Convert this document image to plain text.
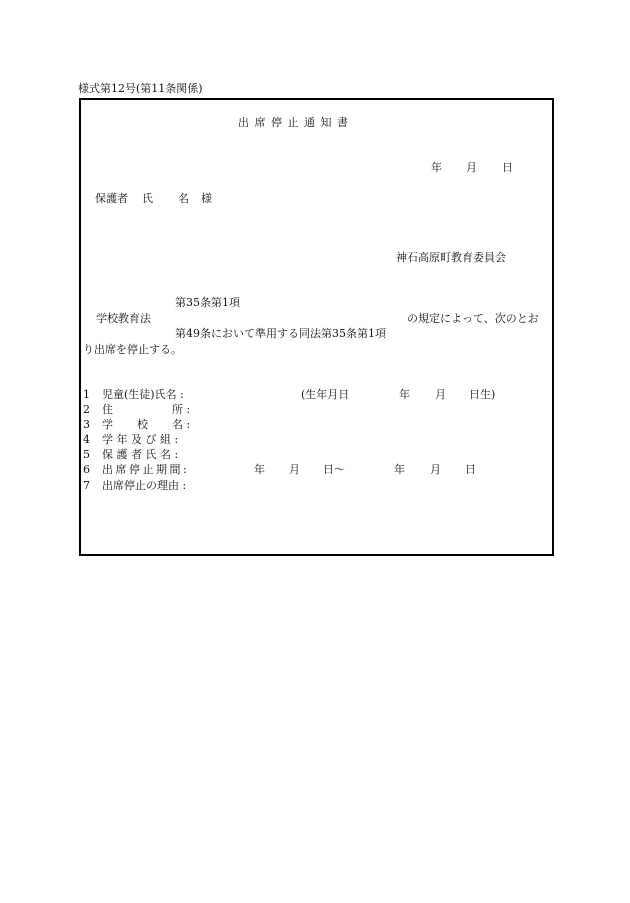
様式第12号(第11条関係)
出 席 停 止 通 知 書
年 月 日
保護者 氏 名 様
神石高原町教育委員会
第35条第1項
学校教育法	の規定によって、次のとお
第49条において準用する同法第35条第1項
り出席を停止する。
1 児童(生徒)氏名 :	(生年月日	年 月 日生)
2 住	所 :
3 学 校 名 :
4 学 年 及 び 組 :
5 保 護 者 氏 名 :
6 出 席 停 止 期 間 :	年 月 日〜	年 月 日
7 出席停止の理由 :
